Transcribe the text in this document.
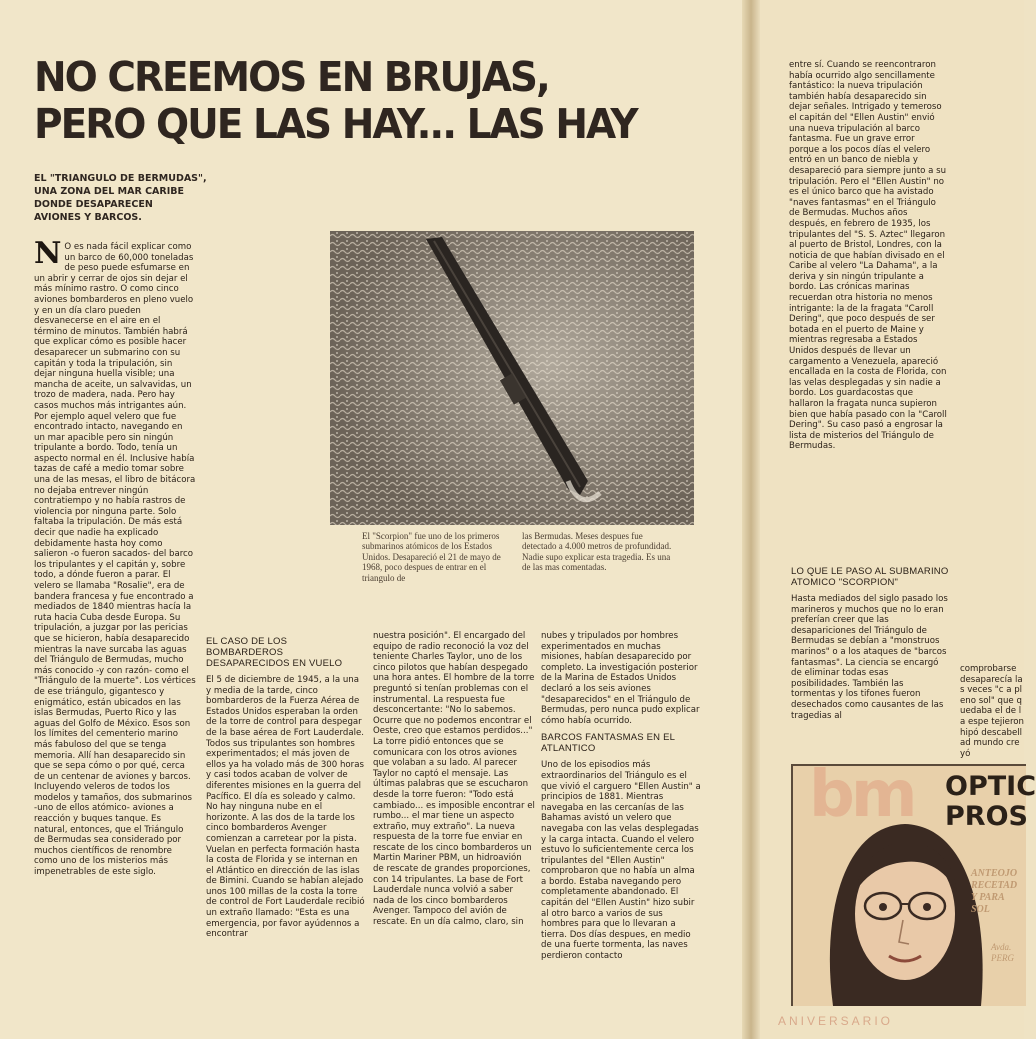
NO CREEMOS EN BRUJAS,
PERO QUE LAS HAY... LAS HAY
EL "TRIANGULO DE BERMUDAS",
UNA ZONA DEL MAR CARIBE
DONDE DESAPARECEN
AVIONES Y BARCOS.
N O es nada fácil explicar como un barco de 60,000 toneladas de peso puede esfumarse en un abrir y cerrar de ojos sin dejar el más mínimo rastro. O como cinco aviones bombarderos en pleno vuelo y en un día claro pueden desvanecerse en el aire en el término de minutos. También habrá que explicar cómo es posible hacer desaparecer un submarino con su capitán y toda la tripulación, sin dejar ninguna huella visible; una mancha de aceite, un salvavidas, un trozo de madera, nada. Pero hay casos muchos más intrigantes aún. Por ejemplo aquel velero que fue encontrado intacto, navegando en un mar apacible pero sin ningún tripulante a bordo. Todo, tenía un aspecto normal en él. Inclusive había tazas de café a medio tomar sobre una de las mesas, el libro de bitácora no dejaba entrever ningún contratiempo y no había rastros de violencia por ninguna parte. Solo faltaba la tripulación. De más está decir que nadie ha explicado debidamente hasta hoy como salieron -o fueron sacados- del barco los tripulantes y el capitán y, sobre todo, a dónde fueron a parar. El velero se llamaba "Rosalie", era de bandera francesa y fue encontrado a mediados de 1840 mientras hacía la ruta hacia Cuba desde Europa. Su tripulación, a juzgar por las pericias que se hicieron, había desaparecido mientras la nave surcaba las aguas del Triángulo de Bermudas, mucho más conocido -y con razón- como el "Triángulo de la muerte". Los vértices de ese triángulo, gigantesco y enigmático, están ubicados en las islas Bermudas, Puerto Rico y las aguas del Golfo de México. Esos son los límites del cementerio marino más fabuloso del que se tenga memoria. Allí han desaparecido sin que se sepa cómo o por qué, cerca de un centenar de aviones y barcos. Incluyendo veleros de todos los modelos y tamaños, dos submarinos -uno de ellos atómico- aviones a reacción y buques tanque. Es natural, entonces, que el Triángulo de Bermudas sea considerado por muchos científicos de renombre como uno de los misterios más impenetrables de este siglo.

El "Scorpion" fue uno de los primeros submarinos atómicos de los Estados Unidos. Desapareció el 21 de mayo de 1968, poco despues de entrar en el triangulo de

las Bermudas. Meses despues fue detectado a 4.000 metros de profundidad. Nadie supo explicar esta tragedia. Es una de las mas comentadas.

EL CASO DE LOS BOMBARDEROS DESAPARECIDOS EN VUELO

El 5 de diciembre de 1945, a la una y media de la tarde, cinco bombarderos de la Fuerza Aérea de Estados Unidos esperaban la orden de la torre de control para despegar de la base aérea de Fort Lauderdale. Todos sus tripulantes son hombres experimentados; el más joven de ellos ya ha volado más de 300 horas y casi todos acaban de volver de diferentes misiones en la guerra del Pacífico. El día es soleado y calmo. No hay ninguna nube en el horizonte. A las dos de la tarde los cinco bombarderos Avenger comienzan a carretear por la pista. Vuelan en perfecta formación hasta la costa de Florida y se internan en el Atlántico en dirección de las islas de Bimini. Cuando se habían alejado unos 100 millas de la costa la torre de control de Fort Lauderdale recibió un extraño llamado: "Esta es una emergencia, por favor ayúdennos a encontrar

nuestra posición". El encargado del equipo de radio reconoció la voz del teniente Charles Taylor, uno de los cinco pilotos que habían despegado una hora antes. El hombre de la torre preguntó si tenían problemas con el instrumental. La respuesta fue desconcertante: "No lo sabemos. Ocurre que no podemos encontrar el Oeste, creo que estamos perdidos..." La torre pidió entonces que se comunicara con los otros aviones que volaban a su lado. Al parecer Taylor no captó el mensaje. Las últimas palabras que se escucharon desde la torre fueron: "Todo está cambiado... es imposible encontrar el rumbo... el mar tiene un aspecto extraño, muy extraño". La nueva respuesta de la torre fue enviar en rescate de los cinco bombarderos un Martin Mariner PBM, un hidroavión de rescate de grandes proporciones, con 14 tripulantes. La base de Fort Lauderdale nunca volvió a saber nada de los cinco bombarderos Avenger. Tampoco del avión de rescate. En un día calmo, claro, sin

nubes y tripulados por hombres experimentados en muchas misiones, habían desaparecido por completo. La investigación posterior de la Marina de Estados Unidos declaró a los seis aviones "desaparecidos" en el Triángulo de Bermudas, pero nunca pudo explicar cómo había ocurrido.

BARCOS FANTASMAS EN EL ATLANTICO

Uno de los episodios más extraordinarios del Triángulo es el que vivió el carguero "Ellen Austin" a principios de 1881. Mientras navegaba en las cercanías de las Bahamas avistó un velero que navegaba con las velas desplegadas y la carga intacta. Cuando el velero estuvo lo suficientemente cerca los tripulantes del "Ellen Austin" comprobaron que no había un alma a bordo. Estaba navegando pero completamente abandonado. El capitán del "Ellen Austin" hizo subir al otro barco a varios de sus hombres para que lo llevaran a tierra. Dos días despues, en medio de una fuerte tormenta, las naves perdieron contacto

entre sí. Cuando se reencontraron había ocurrido algo sencillamente fantástico: la nueva tripulación también había desaparecido sin dejar señales. Intrigado y temeroso el capitán del "Ellen Austin" envió una nueva tripulación al barco fantasma. Fue un grave error porque a los pocos días el velero entró en un banco de niebla y desapareció para siempre junto a su tripulación. Pero el "Ellen Austin" no es el único barco que ha avistado "naves fantasmas" en el Triángulo de Bermudas. Muchos años después, en febrero de 1935, los tripulantes del "S. S. Aztec" llegaron al puerto de Bristol, Londres, con la noticia de que habían divisado en el Caribe al velero "La Dahama", a la deriva y sin ningún tripulante a bordo. Las crónicas marinas recuerdan otra historia no menos intrigante: la de la fragata "Caroll Dering", que poco después de ser botada en el puerto de Maine y mientras regresaba a Estados Unidos después de llevar un cargamento a Venezuela, apareció encallada en la costa de Florida, con las velas desplegadas y sin nadie a bordo. Los guardacostas que hallaron la fragata nunca supieron bien que había pasado con la "Caroll Dering". Su caso pasó a engrosar la lista de misterios del Triángulo de Bermudas.

LO QUE LE PASO AL SUBMARINO ATOMICO "SCORPION"

Hasta mediados del siglo pasado los marineros y muchos que no lo eran preferían creer que las desapariciones del Triángulo de Bermudas se debían a "monstruos marinos" o a los ataques de "barcos fantasmas". La ciencia se encargó de eliminar todas esas posibilidades. También las tormentas y los tifones fueron desechados como causantes de las tragedias al

comprobarse desaparecía las veces "c a pleno sol" que quedaba el de la espe tejieron hipó descabellad mundo creyó

bm OPTIC
PROS
ANTEOJO
RECETAD
Y PARA
SOL
Avda.
PERG
ANIVERSARIO
